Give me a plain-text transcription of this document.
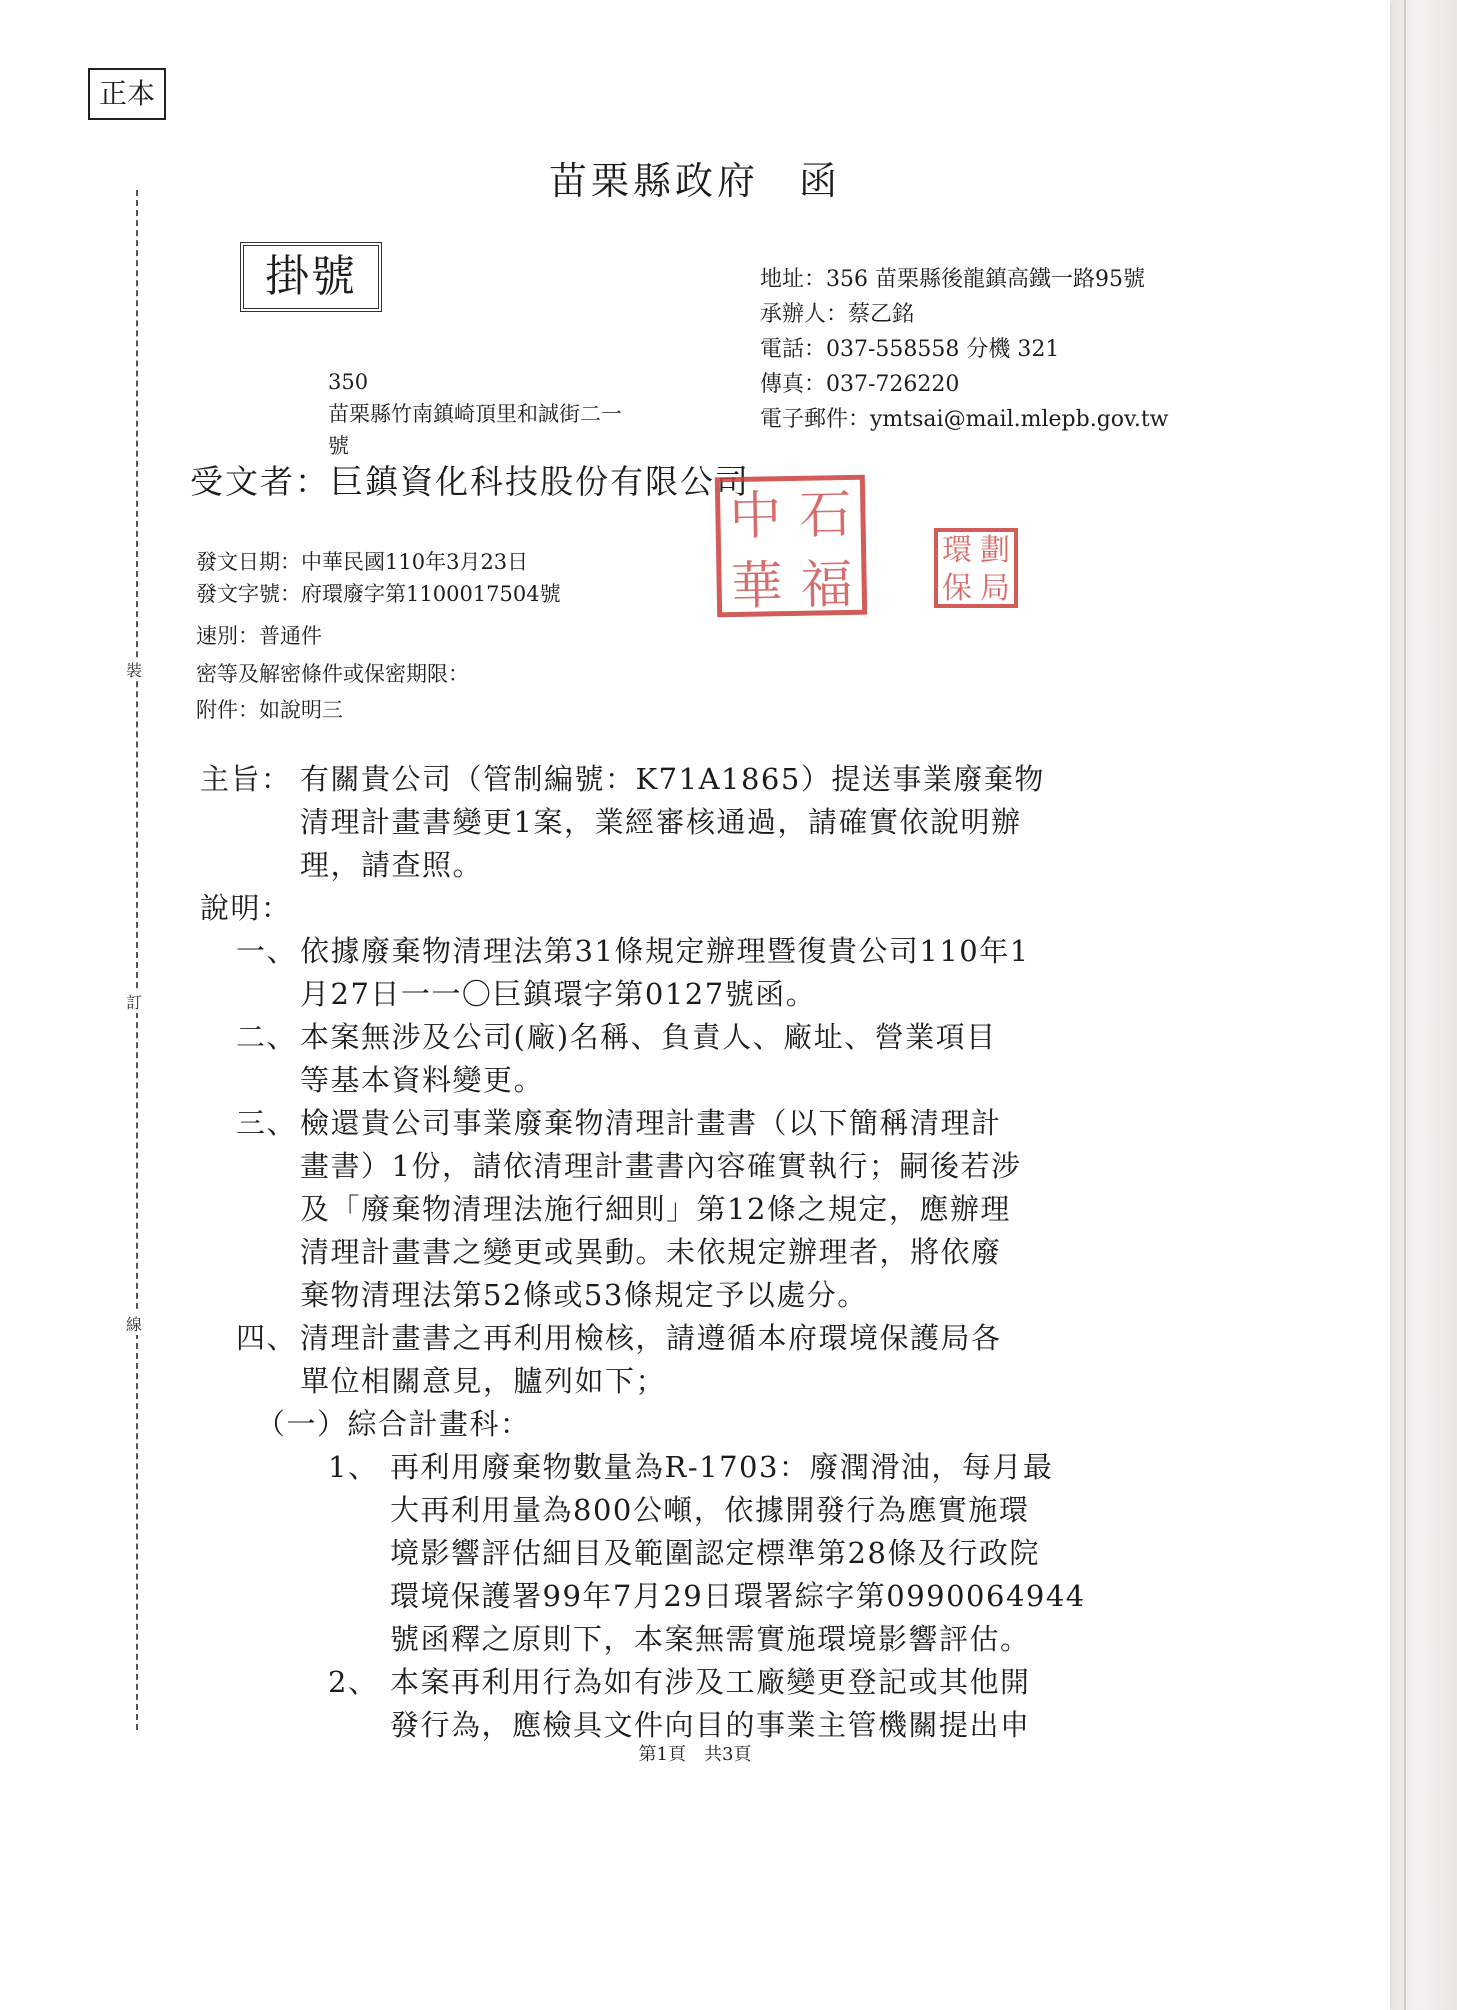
正本
裝
訂
線
苗栗縣政府 函
掛號	地址：356 苗栗縣後龍鎮高鐵一路95號
承辦人：蔡乙銘
電話：037-558558 分機 321
傳真：037-726220
電子郵件：ymtsai@mail.mlepb.gov.tw
350
苗栗縣竹南鎮崎頂里和誠街二一
號
受文者：巨鎮資化科技股份有限公司
中 石
華 福
環 劃
保 局
發文日期：中華民國110年3月23日
發文字號：府環廢字第1100017504號
速別：普通件
密等及解密條件或保密期限：
附件：如說明三
主旨： 有關貴公司（管制編號：K71A1865）提送事業廢棄物
清理計畫書變更1案，業經審核通過，請確實依說明辦
理，請查照。
說明：
一、 依據廢棄物清理法第31條規定辦理暨復貴公司110年1
月27日一一〇巨鎮環字第0127號函。
二、 本案無涉及公司(廠)名稱、負責人、廠址、營業項目
等基本資料變更。
三、 檢還貴公司事業廢棄物清理計畫書（以下簡稱清理計
畫書）1份，請依清理計畫書內容確實執行；嗣後若涉
及「廢棄物清理法施行細則」第12條之規定，應辦理
清理計畫書之變更或異動。未依規定辦理者，將依廢
棄物清理法第52條或53條規定予以處分。
四、 清理計畫書之再利用檢核，請遵循本府環境保護局各
單位相關意見，臚列如下；
（一）綜合計畫科：
1、 再利用廢棄物數量為R-1703：廢潤滑油，每月最
大再利用量為800公噸，依據開發行為應實施環
境影響評估細目及範圍認定標準第28條及行政院
環境保護署99年7月29日環署綜字第0990064944
號函釋之原則下，本案無需實施環境影響評估。
2、 本案再利用行為如有涉及工廠變更登記或其他開
發行為，應檢具文件向目的事業主管機關提出申
第1頁　共3頁
